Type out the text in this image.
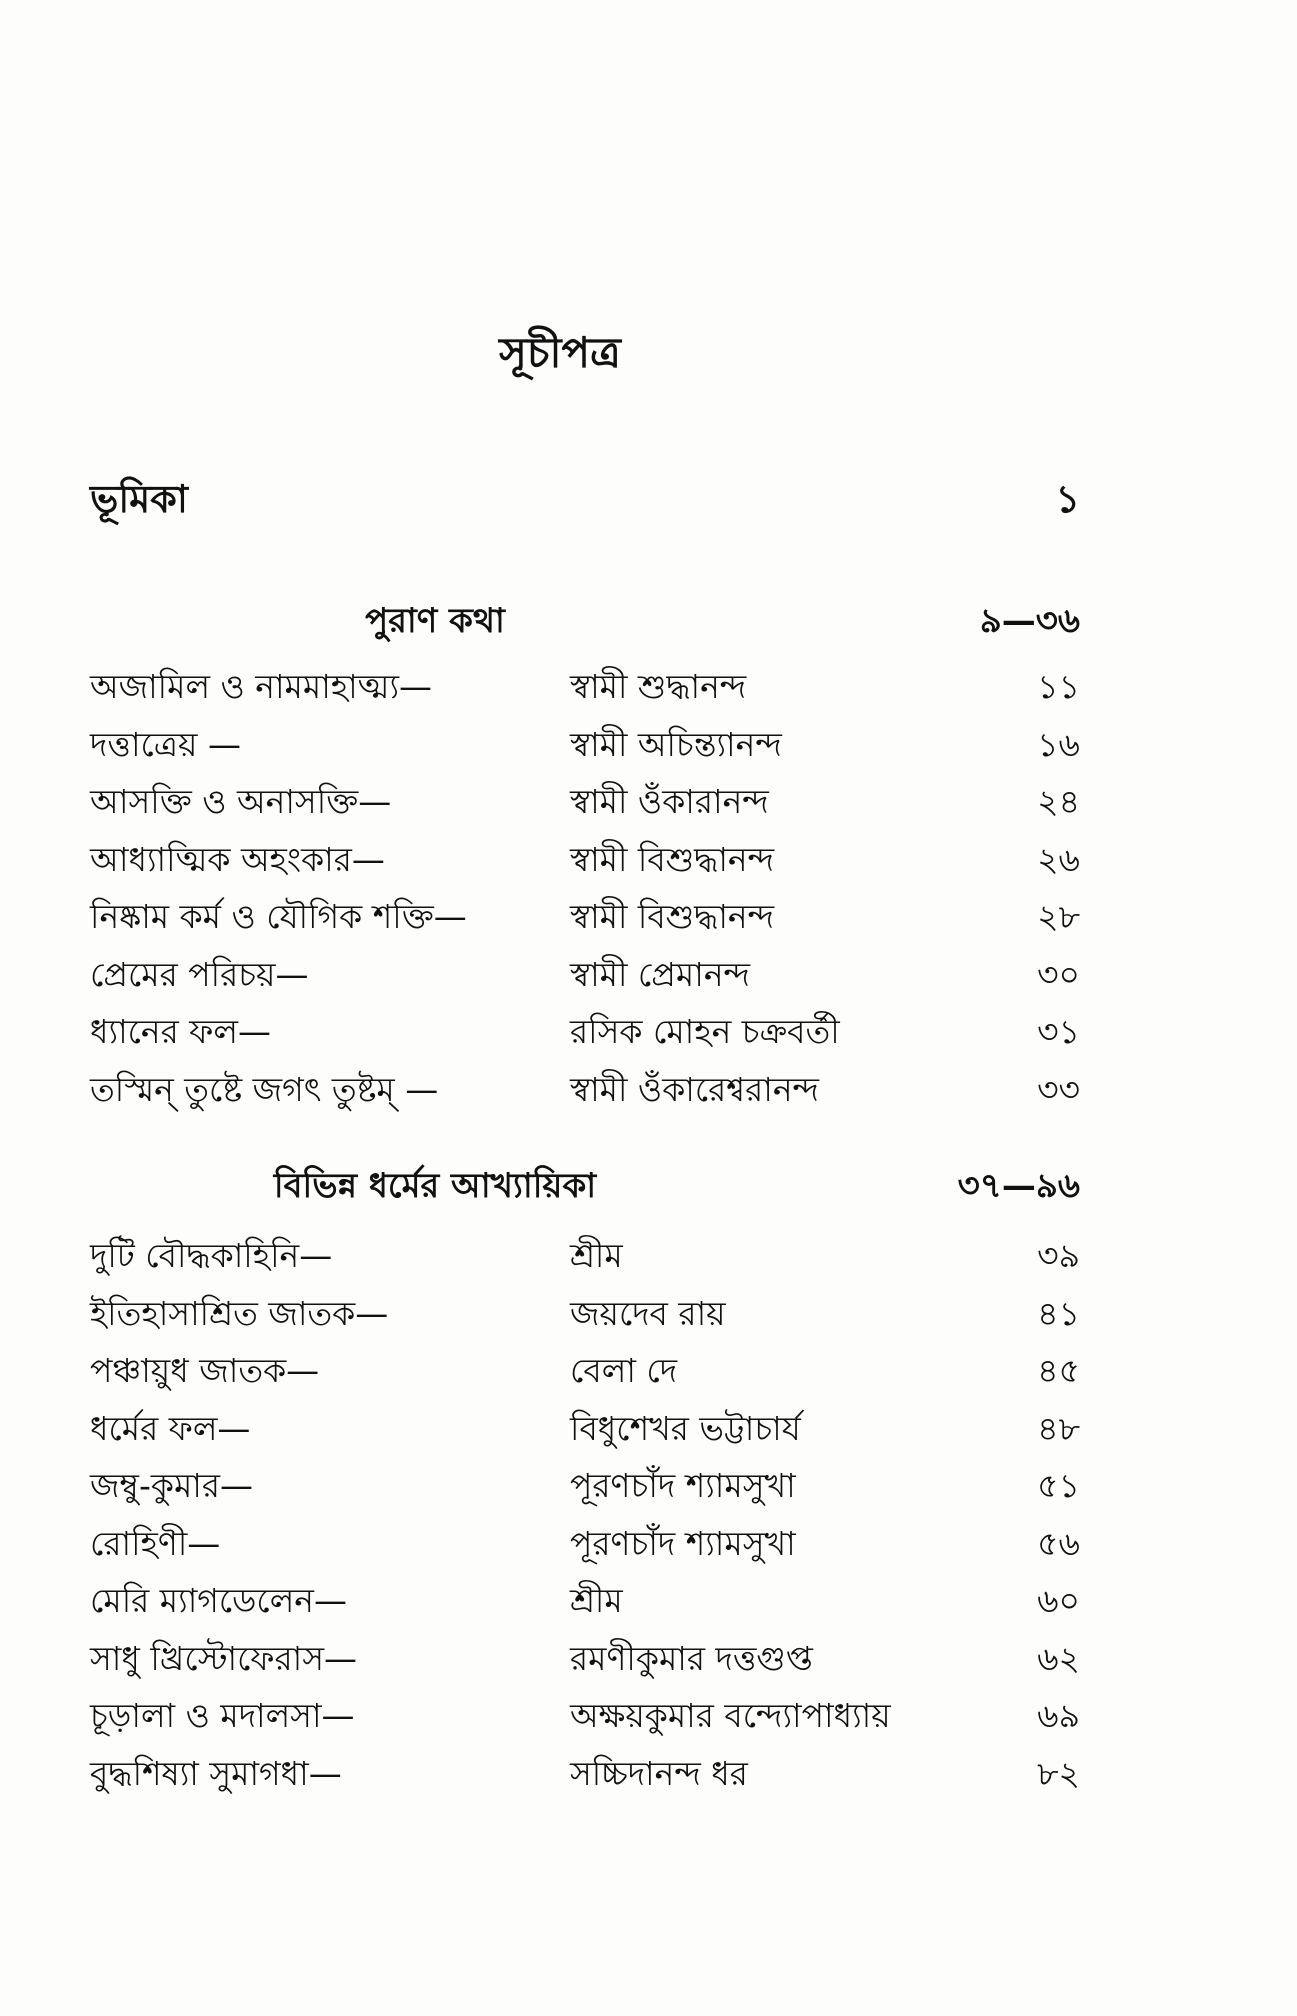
সূচীপত্র
ভূমিকা	১
পুরাণ কথা	৯—৩৬
অজামিল ও নামমাহাত্ম্য—	স্বামী শুদ্ধানন্দ	১১
দত্তাত্রেয় —	স্বামী অচিন্ত্যানন্দ	১৬
আসক্তি ও অনাসক্তি—	স্বামী ওঁকারানন্দ	২৪
আধ্যাত্মিক অহংকার—	স্বামী বিশুদ্ধানন্দ	২৬
নিষ্কাম কর্ম ও যৌগিক শক্তি—	স্বামী বিশুদ্ধানন্দ	২৮
প্রেমের পরিচয়—	স্বামী প্রেমানন্দ	৩০
ধ্যানের ফল—	রসিক মোহন চক্রবর্তী	৩১
তস্মিন্ তুষ্টে জগৎ তুষ্টম্ —	স্বামী ওঁকারেশ্বরানন্দ	৩৩
বিভিন্ন ধর্মের আখ্যায়িকা	৩৭—৯৬
দুটি বৌদ্ধকাহিনি—	শ্রীম	৩৯
ইতিহাসাশ্রিত জাতক—	জয়দেব রায়	৪১
পঞ্চায়ুধ জাতক—	বেলা দে	৪৫
ধর্মের ফল—	বিধুশেখর ভট্টাচার্য	৪৮
জম্বু-কুমার—	পূরণচাঁদ শ্যামসুখা	৫১
রোহিণী—	পূরণচাঁদ শ্যামসুখা	৫৬
মেরি ম্যাগডেলেন—	শ্রীম	৬০
সাধু খ্রিস্টোফেরাস—	রমণীকুমার দত্তগুপ্ত	৬২
চূড়ালা ও মদালসা—	অক্ষয়কুমার বন্দ্যোপাধ্যায়	৬৯
বুদ্ধশিষ্যা সুমাগধা—	সচ্চিদানন্দ ধর	৮২
